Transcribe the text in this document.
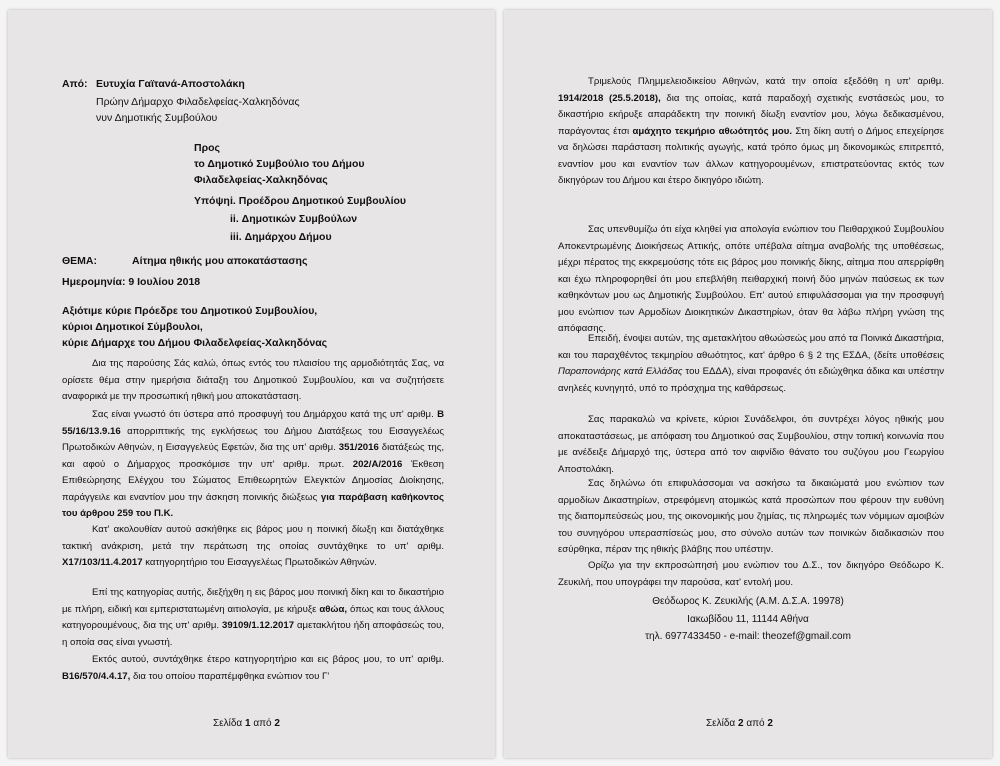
Από: Ευτυχία Γαϊτανά-Αποστολάκη
Πρώην Δήμαρχο Φιλαδελφείας-Χαλκηδόνας
νυν Δημοτικής Συμβούλου
Προς
το Δημοτικό Συμβούλιο του Δήμου
Φιλαδελφείας-Χαλκηδόνας
Υπόψη:
i. Προέδρου Δημοτικού Συμβουλίου
ii. Δημοτικών Συμβούλων
iii. Δημάρχου Δήμου
ΘΕΜΑ:	Αίτημα ηθικής μου αποκατάστασης
Ημερομηνία: 9 Ιουλίου 2018
Αξιότιμε κύριε Πρόεδρε του Δημοτικού Συμβουλίου,
κύριοι Δημοτικοί Σύμβουλοι,
κύριε Δήμαρχε του Δήμου Φιλαδελφείας-Χαλκηδόνας
Δια της παρούσης Σάς καλώ, όπως εντός του πλαισίου της αρμοδιότητάς Σας, να ορίσετε θέμα στην ημερήσια διάταξη του Δημοτικού Συμβουλίου, και να συζητήσετε αναφορικά με την προσωπική ηθική μου αποκατάσταση.
Σας είναι γνωστό ότι ύστερα από προσφυγή του Δημάρχου κατά της υπ' αριθμ. Β 55/16/13.9.16 απορριπτικής της εγκλήσεως του Δήμου Διατάξεως του Εισαγγελέως Πρωτοδικών Αθηνών, η Εισαγγελεύς Εφετών, δια της υπ' αριθμ. 351/2016 διατάξεώς της, και αφού ο Δήμαρχος προσκόμισε την υπ' αριθμ. πρωτ. 202/Α/2016 Έκθεση Επιθεώρησης Ελέγχου του Σώματος Επιθεωρητών Ελεγκτών Δημοσίας Διοίκησης, παράγγειλε και εναντίον μου την άσκηση ποινικής διώξεως για παράβαση καθήκοντος του άρθρου 259 του Π.Κ.
Κατ' ακολουθίαν αυτού ασκήθηκε εις βάρος μου η ποινική δίωξη και διατάχθηκε τακτική ανάκριση, μετά την περάτωση της οποίας συντάχθηκε το υπ' αριθμ. Χ17/103/11.4.2017 κατηγορητήριο του Εισαγγελέως Πρωτοδικών Αθηνών.
Επί της κατηγορίας αυτής, διεξήχθη η εις βάρος μου ποινική δίκη και το δικαστήριο με πλήρη, ειδική και εμπεριστατωμένη αιτιολογία, με κήρυξε αθώα, όπως και τους άλλους κατηγορουμένους, δια της υπ' αριθμ. 39109/1.12.2017 αμετακλήτου ήδη αποφάσεώς του, η οποία σας είναι γνωστή.
Εκτός αυτού, συντάχθηκε έτερο κατηγορητήριο και εις βάρος μου, το υπ' αριθμ. Β16/570/4.4.17, δια του οποίου παραπέμφθηκα ενώπιον του Γ'
Σελίδα 1 από 2
Τριμελούς Πλημμελειοδικείου Αθηνών, κατά την οποία εξεδόθη η υπ' αριθμ. 1914/2018 (25.5.2018), δια της οποίας, κατά παραδοχή σχετικής ενστάσεώς μου, το δικαστήριο εκήρυξε απαράδεκτη την ποινική δίωξη εναντίον μου, λόγω δεδικασμένου, παράγοντας έτσι αμάχητο τεκμήριο αθωότητός μου. Στη δίκη αυτή ο Δήμος επεχείρησε να δηλώσει παράσταση πολιτικής αγωγής, κατά τρόπο όμως μη δικονομικώς επιτρεπτό, εναντίον μου και εναντίον των άλλων κατηγορουμένων, επιστρατεύοντας εκτός των δικηγόρων του Δήμου και έτερο δικηγόρο ιδιώτη.
Σας υπενθυμίζω ότι είχα κληθεί για απολογία ενώπιον του Πειθαρχικού Συμβουλίου Αποκεντρωμένης Διοικήσεως Αττικής, οπότε υπέβαλα αίτημα αναβολής της υποθέσεως, μέχρι πέρατος της εκκρεμούσης τότε εις βάρος μου ποινικής δίκης, αίτημα που απερρίφθη και έχω πληροφορηθεί ότι μου επεβλήθη πειθαρχική ποινή δύο μηνών παύσεως εκ των καθηκόντων μου ως Δημοτικής Συμβούλου. Επ' αυτού επιφυλάσσομαι για την προσφυγή μου ενώπιον των Αρμοδίων Διοικητικών Δικαστηρίων, όταν θα λάβω πλήρη γνώση της απόφασης.
Επειδή, ένοψει αυτών, της αμετακλήτου αθωώσεώς μου από τα Ποινικά Δικαστήρια, και του παραχθέντος τεκμηρίου αθωότητος, κατ' άρθρο 6 § 2 της ΕΣΔΑ, (δείτε υποθέσεις Παραπονιάρης κατά Ελλάδας του ΕΔΔΑ), είναι προφανές ότι εδιώχθηκα άδικα και υπέστην ανηλεές κυνηγητό, υπό το πρόσχημα της καθάρσεως.
Σας παρακαλώ να κρίνετε, κύριοι Συνάδελφοι, ότι συντρέχει λόγος ηθικής μου αποκαταστάσεως, με απόφαση του Δημοτικού σας Συμβουλίου, στην τοπική κοινωνία που με ανέδειξε Δήμαρχό της, ύστερα από τον αιφνίδιο θάνατο του συζύγου μου Γεωργίου Αποστολάκη.
Σας δηλώνω ότι επιφυλάσσομαι να ασκήσω τα δικαιώματά μου ενώπιον των αρμοδίων Δικαστηρίων, στρεφόμενη ατομικώς κατά προσώπων που φέρουν την ευθύνη της διαπομπεύσεώς μου, της οικονομικής μου ζημίας, τις πληρωμές των νόμιμων αμοιβών του συνηγόρου υπερασπίσεώς μου, στο σύνολο αυτών των ποινικών διαδικασιών που εσύρθηκα, πέραν της ηθικής βλάβης που υπέστην.
Ορίζω για την εκπροσώπησή μου ενώπιον του Δ.Σ., τον δικηγόρο Θεόδωρο Κ. Ζευκιλή, που υπογράφει την παρούσα, κατ' εντολή μου.
Θεόδωρος Κ. Ζευκιλής (Α.Μ. Δ.Σ.Α. 19978)
Ιακωβίδου 11, 11144 Αθήνα
τηλ. 6977433450 - e-mail: theozef@gmail.com
Σελίδα 2 από 2
